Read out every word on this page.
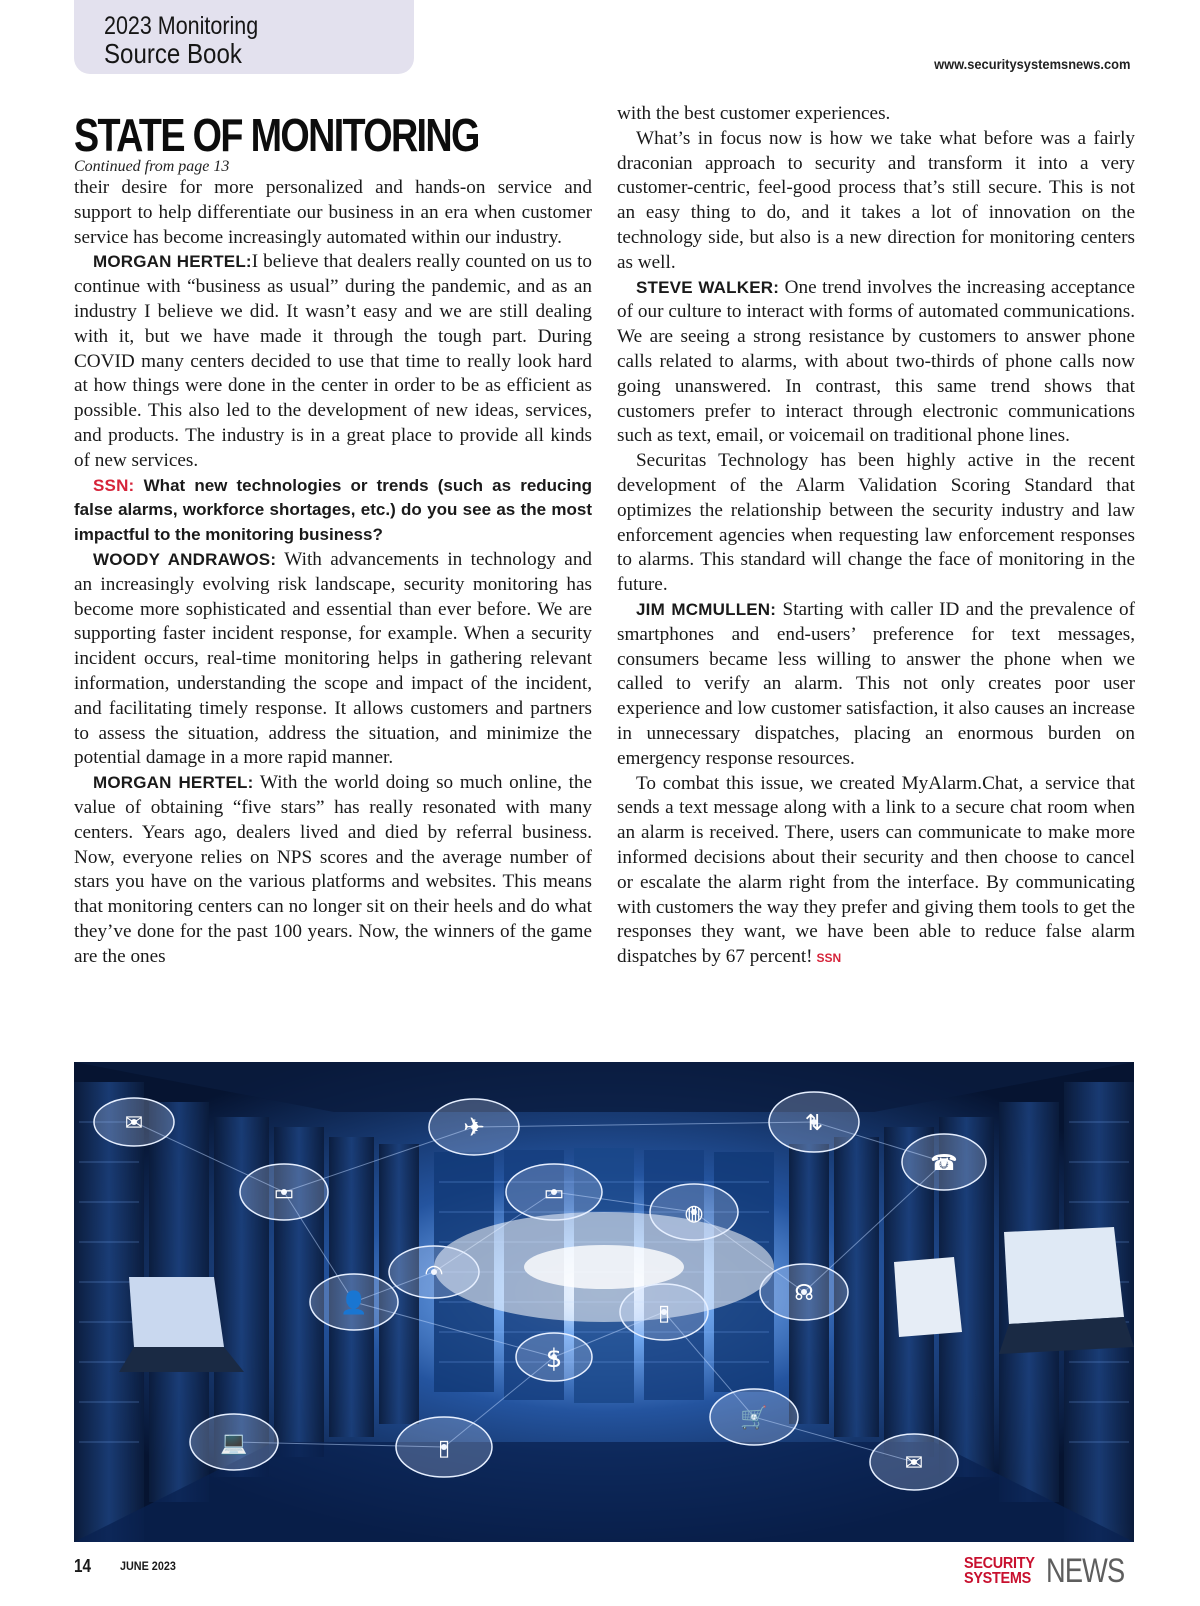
2023 Monitoring
Source Book	www.securitysystemsnews.com
STATE OF MONITORING
Continued from page 13

their desire for more personalized and hands-on service and support to help differentiate our business in an era when customer service has become increasingly automated within our industry.

MORGAN HERTEL:I believe that dealers really counted on us to continue with “business as usual” during the pandemic, and as an industry I believe we did. It wasn’t easy and we are still dealing with it, but we have made it through the tough part. During COVID many centers decided to use that time to really look hard at how things were done in the center in order to be as efficient as possible. This also led to the development of new ideas, services, and products. The industry is in a great place to provide all kinds of new services.

SSN: What new technologies or trends (such as reducing false alarms, workforce shortages, etc.) do you see as the most impactful to the monitoring business?

WOODY ANDRAWOS: With advancements in technology and an increasingly evolving risk landscape, security monitoring has become more sophisticated and essential than ever before. We are supporting faster incident response, for example. When a security incident occurs, real-time monitoring helps in gathering relevant information, understanding the scope and impact of the incident, and facilitating timely response. It allows customers and partners to assess the situation, address the situation, and minimize the potential damage in a more rapid manner.

MORGAN HERTEL: With the world doing so much online, the value of obtaining “five stars” has really resonated with many centers. Years ago, dealers lived and died by referral business. Now, everyone relies on NPS scores and the average number of stars you have on the various platforms and websites. This means that monitoring centers can no longer sit on their heels and do what they’ve done for the past 100 years. Now, the winners of the game are the ones

with the best customer experiences.

What’s in focus now is how we take what before was a fairly draconian approach to security and transform it into a very customer-centric, feel-good process that’s still secure. This is not an easy thing to do, and it takes a lot of innovation on the technology side, but also is a new direction for monitoring centers as well.

STEVE WALKER: One trend involves the increasing acceptance of our culture to interact with forms of automated communications. We are seeing a strong resistance by customers to answer phone calls related to alarms, with about two-thirds of phone calls now going unanswered. In contrast, this same trend shows that customers prefer to interact through electronic communications such as text, email, or voicemail on traditional phone lines.

Securitas Technology has been highly active in the recent development of the Alarm Validation Scoring Standard that optimizes the relationship between the security industry and law enforcement agencies when requesting law enforcement responses to alarms. This standard will change the face of monitoring in the future.

JIM MCMULLEN: Starting with caller ID and the prevalence of smartphones and end-users’ preference for text messages, consumers became less willing to answer the phone when we called to verify an alarm. This not only creates poor user experience and low customer satisfaction, it also causes an increase in unnecessary dispatches, placing an enormous burden on emergency response resources.

To combat this issue, we created MyAlarm.Chat, a service that sends a text message along with a link to a secure chat room when an alarm is received. There, users can communicate to make more informed decisions about their security and then choose to cancel or escalate the alarm right from the interface. By communicating with customers the way they prefer and giving them tools to get the responses they want, we have been able to reduce false alarm dispatches by 67 percent! SSN

✉	✈	⇅
☎
▭	▭
◍
◠
👤	▯
☊
$
▯
🛒
✉
💻
14 JUNE 2023	SECURITY
SYSTEMS NEWS
